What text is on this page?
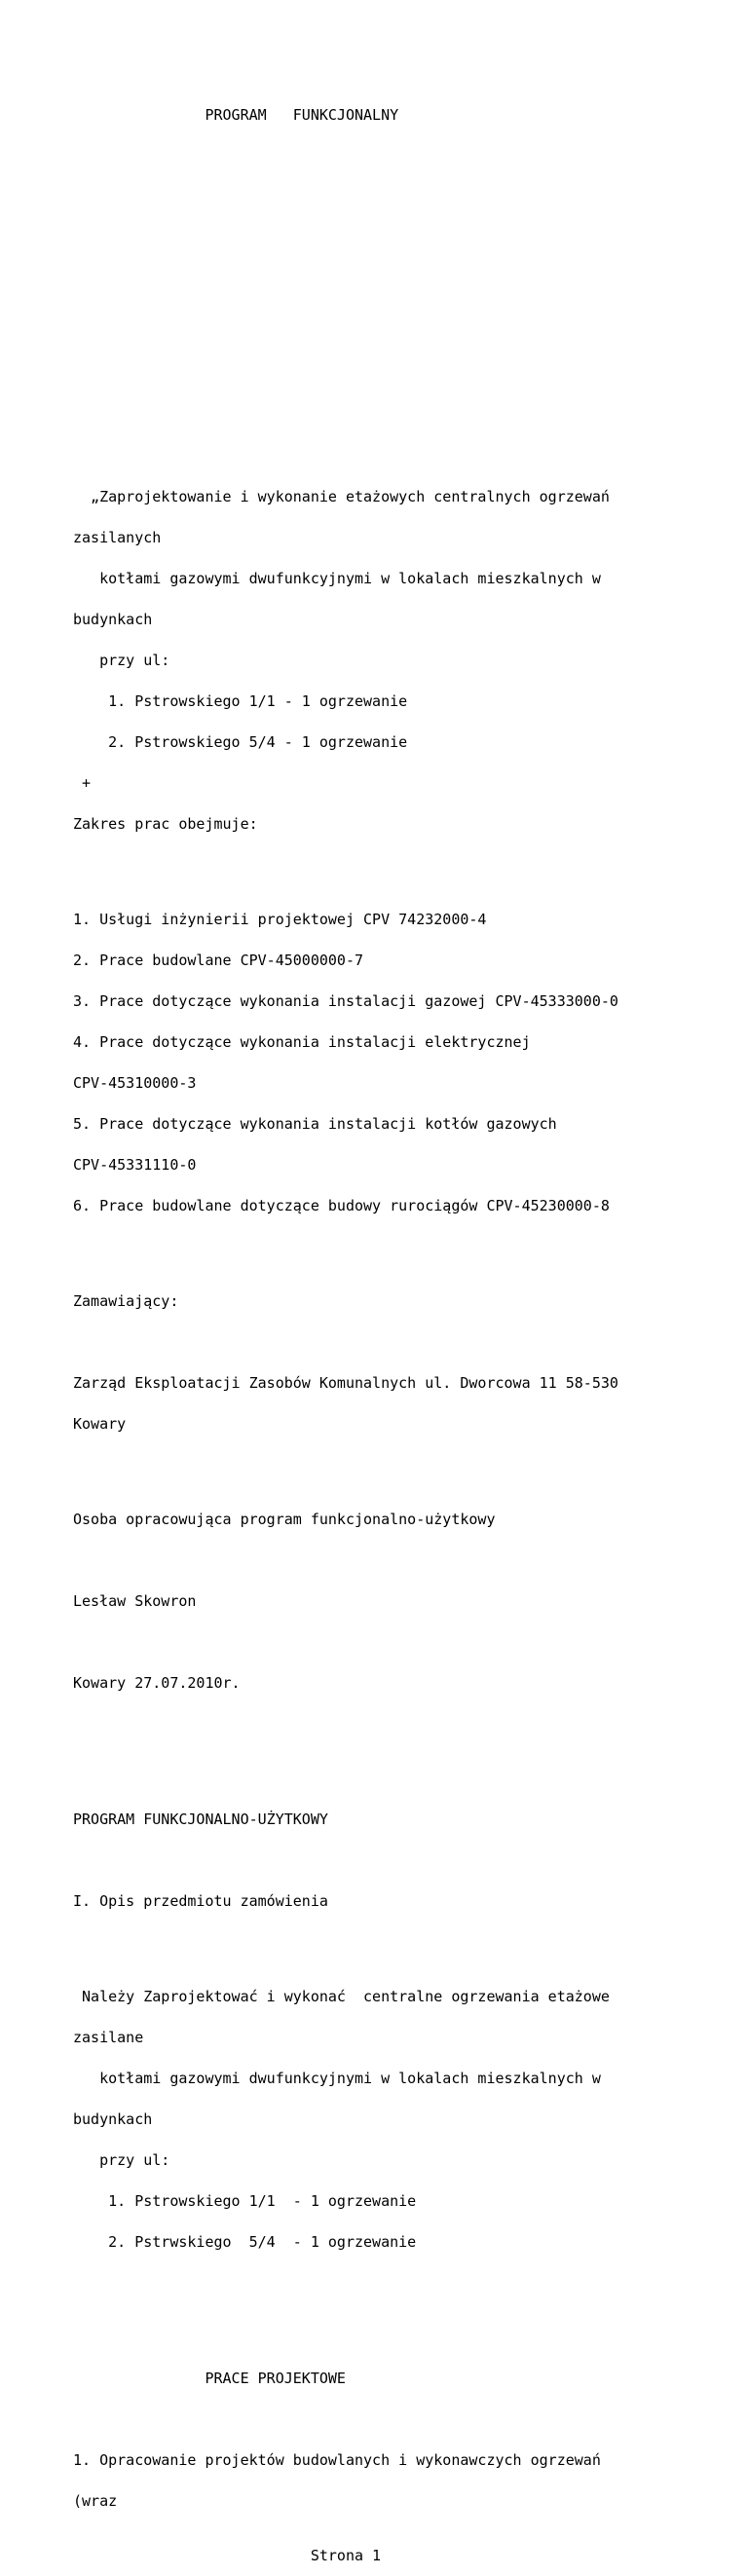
PROGRAM   FUNKCJONALNY

„Zaprojektowanie i wykonanie etażowych centralnych ogrzewań

zasilanych

kotłami gazowymi dwufunkcyjnymi w lokalach mieszkalnych w

budynkach

przy ul:

1. Pstrowskiego 1/1 - 1 ogrzewanie

2. Pstrowskiego 5/4 - 1 ogrzewanie

+

Zakres prac obejmuje:

1. Usługi inżynierii projektowej CPV 74232000-4

2. Prace budowlane CPV-45000000-7

3. Prace dotyczące wykonania instalacji gazowej CPV-45333000-0

4. Prace dotyczące wykonania instalacji elektrycznej

CPV-45310000-3

5. Prace dotyczące wykonania instalacji kotłów gazowych

CPV-45331110-0

6. Prace budowlane dotyczące budowy rurociągów CPV-45230000-8

Zamawiający:

Zarząd Eksploatacji Zasobów Komunalnych ul. Dworcowa 11 58-530

Kowary

Osoba opracowująca program funkcjonalno-użytkowy

Lesław Skowron

Kowary 27.07.2010r.

PROGRAM FUNKCJONALNO-UŻYTKOWY

I. Opis przedmiotu zamówienia

Należy Zaprojektować i wykonać  centralne ogrzewania etażowe

zasilane

kotłami gazowymi dwufunkcyjnymi w lokalach mieszkalnych w

budynkach

przy ul:

1. Pstrowskiego 1/1  - 1 ogrzewanie

2. Pstrwskiego  5/4  - 1 ogrzewanie

PRACE PROJEKTOWE

1. Opracowanie projektów budowlanych i wykonawczych ogrzewań

(wraz

Strona 1
